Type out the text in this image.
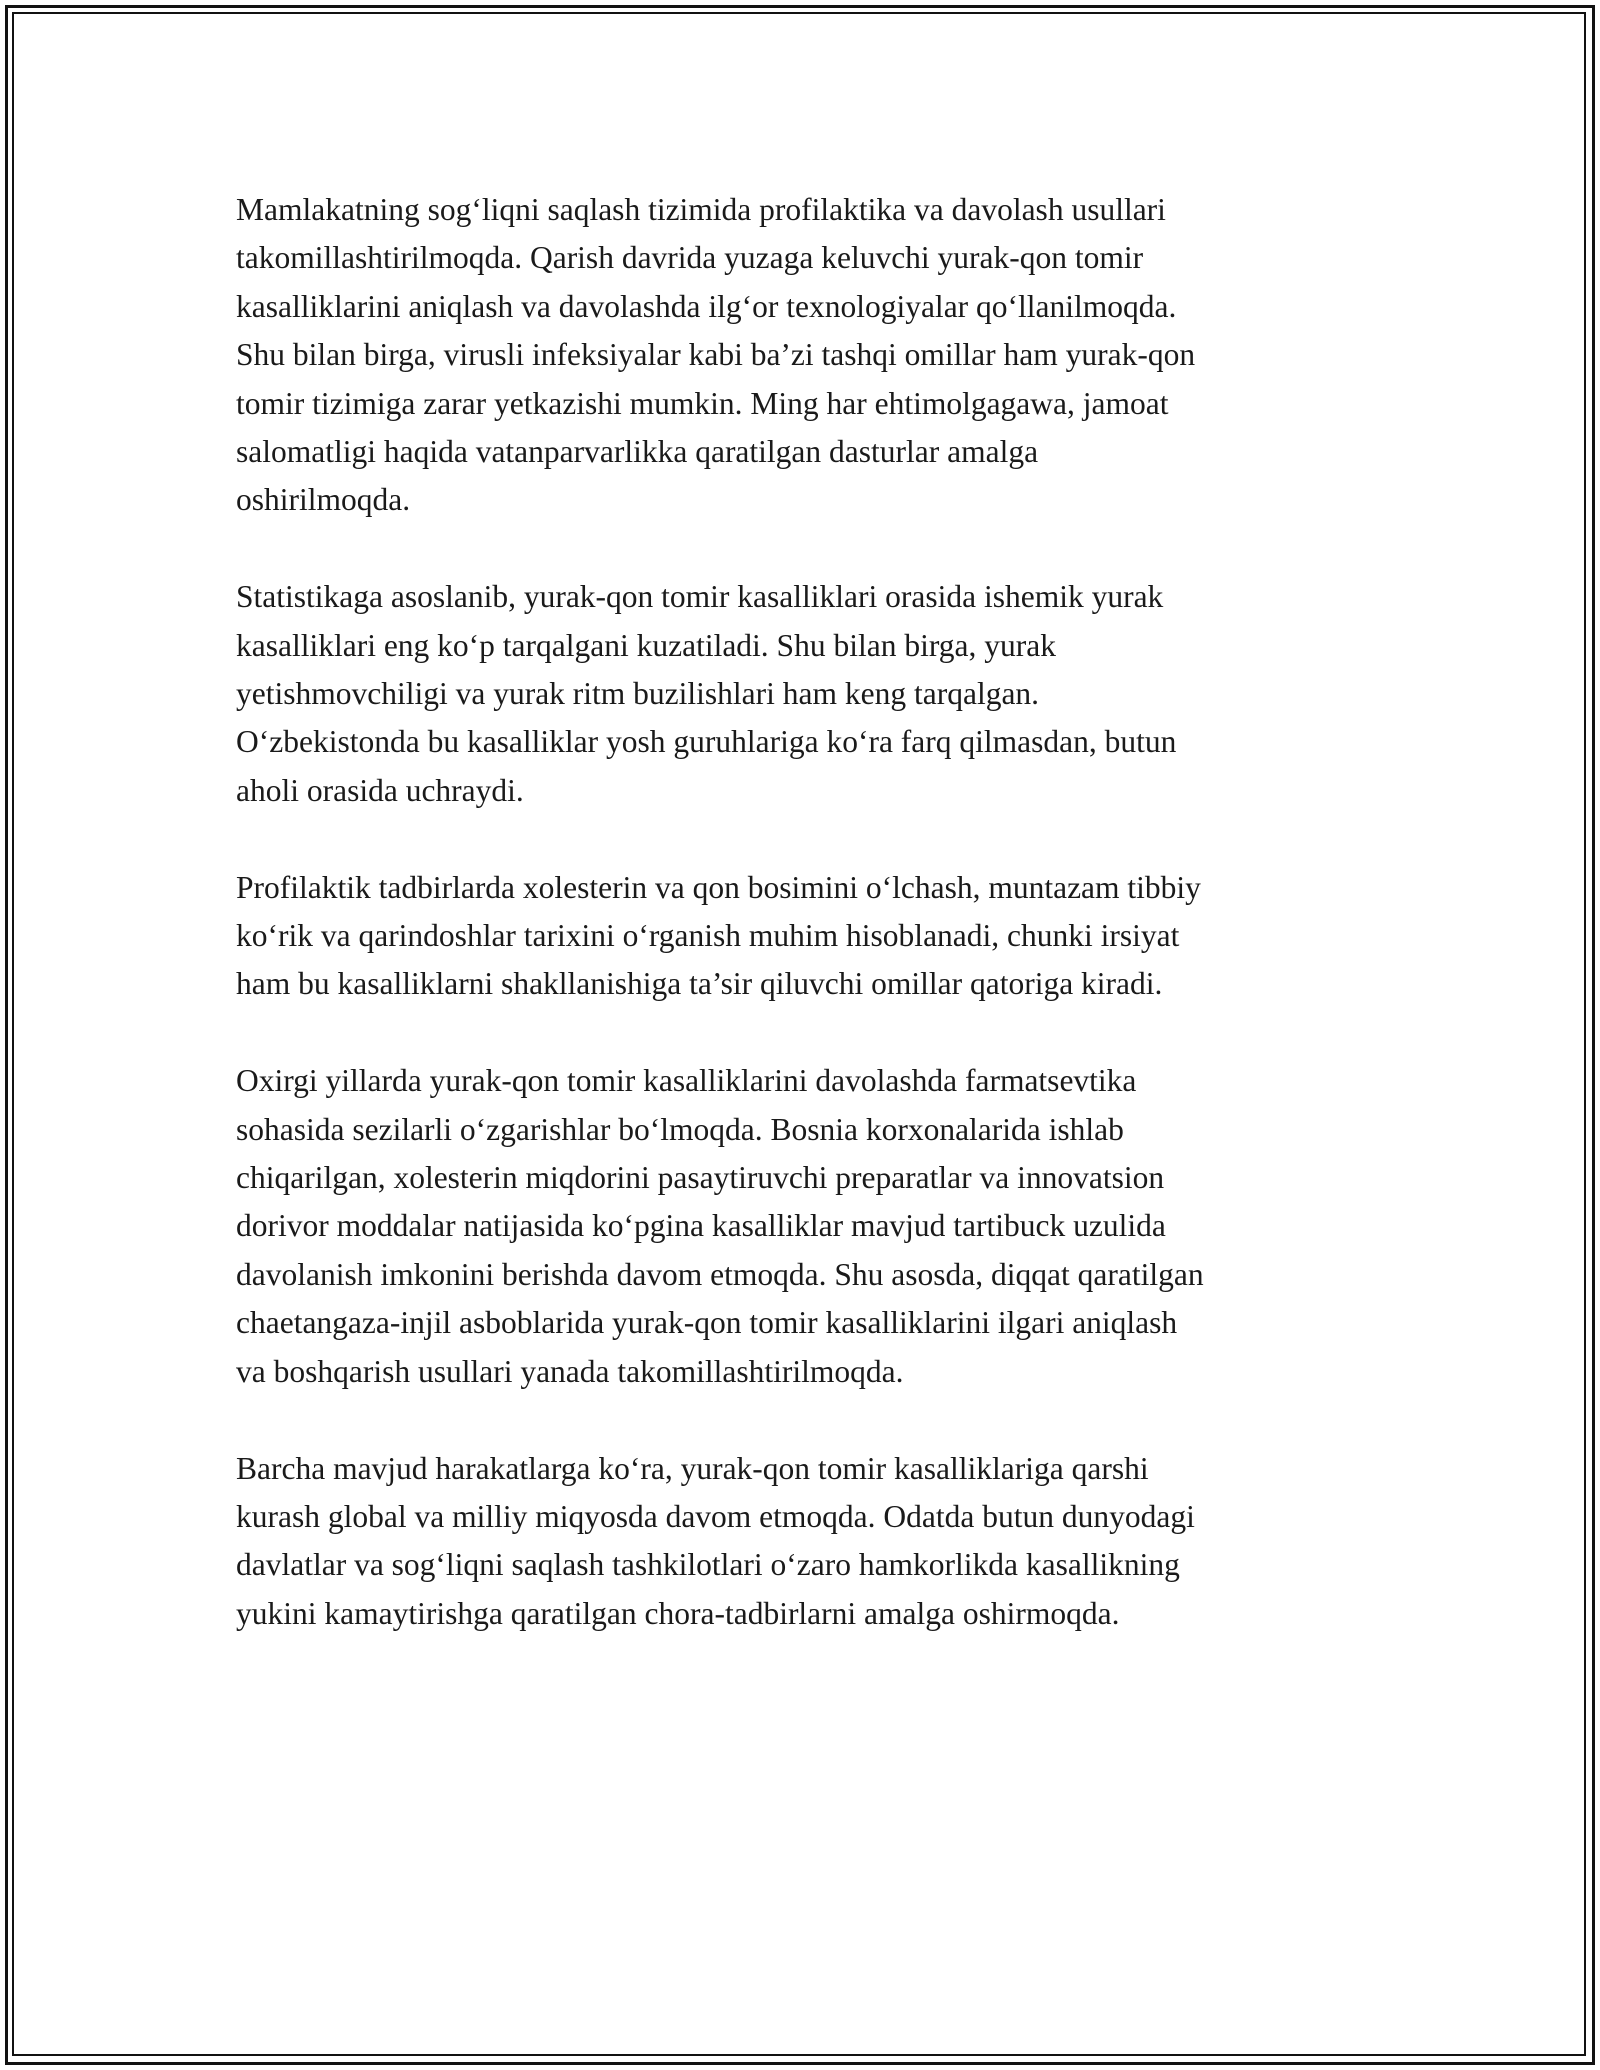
Mamlakatning sog‘liqni saqlash tizimida profilaktika va davolash usullari
takomillashtirilmoqda. Qarish davrida yuzaga keluvchi yurak-qon tomir
kasalliklarini aniqlash va davolashda ilg‘or texnologiyalar qo‘llanilmoqda.
Shu bilan birga, virusli infeksiyalar kabi ba’zi tashqi omillar ham yurak-qon
tomir tizimiga zarar yetkazishi mumkin. Ming har ehtimolgagawa, jamoat
salomatligi haqida vatanparvarlikka qaratilgan dasturlar amalga
oshirilmoqda.

Statistikaga asoslanib, yurak-qon tomir kasalliklari orasida ishemik yurak
kasalliklari eng ko‘p tarqalgani kuzatiladi. Shu bilan birga, yurak
yetishmovchiligi va yurak ritm buzilishlari ham keng tarqalgan.
O‘zbekistonda bu kasalliklar yosh guruhlariga ko‘ra farq qilmasdan, butun
aholi orasida uchraydi.

Profilaktik tadbirlarda xolesterin va qon bosimini o‘lchash, muntazam tibbiy
ko‘rik va qarindoshlar tarixini o‘rganish muhim hisoblanadi, chunki irsiyat
ham bu kasalliklarni shakllanishiga ta’sir qiluvchi omillar qatoriga kiradi.

Oxirgi yillarda yurak-qon tomir kasalliklarini davolashda farmatsevtika
sohasida sezilarli o‘zgarishlar bo‘lmoqda. Bosnia korxonalarida ishlab
chiqarilgan, xolesterin miqdorini pasaytiruvchi preparatlar va innovatsion
dorivor moddalar natijasida ko‘pgina kasalliklar mavjud tartibuck uzulida
davolanish imkonini berishda davom etmoqda. Shu asosda, diqqat qaratilgan
chaetangaza-injil asboblarida yurak-qon tomir kasalliklarini ilgari aniqlash
va boshqarish usullari yanada takomillashtirilmoqda.

Barcha mavjud harakatlarga ko‘ra, yurak-qon tomir kasalliklariga qarshi
kurash global va milliy miqyosda davom etmoqda. Odatda butun dunyodagi
davlatlar va sog‘liqni saqlash tashkilotlari o‘zaro hamkorlikda kasallikning
yukini kamaytirishga qaratilgan chora-tadbirlarni amalga oshirmoqda.
